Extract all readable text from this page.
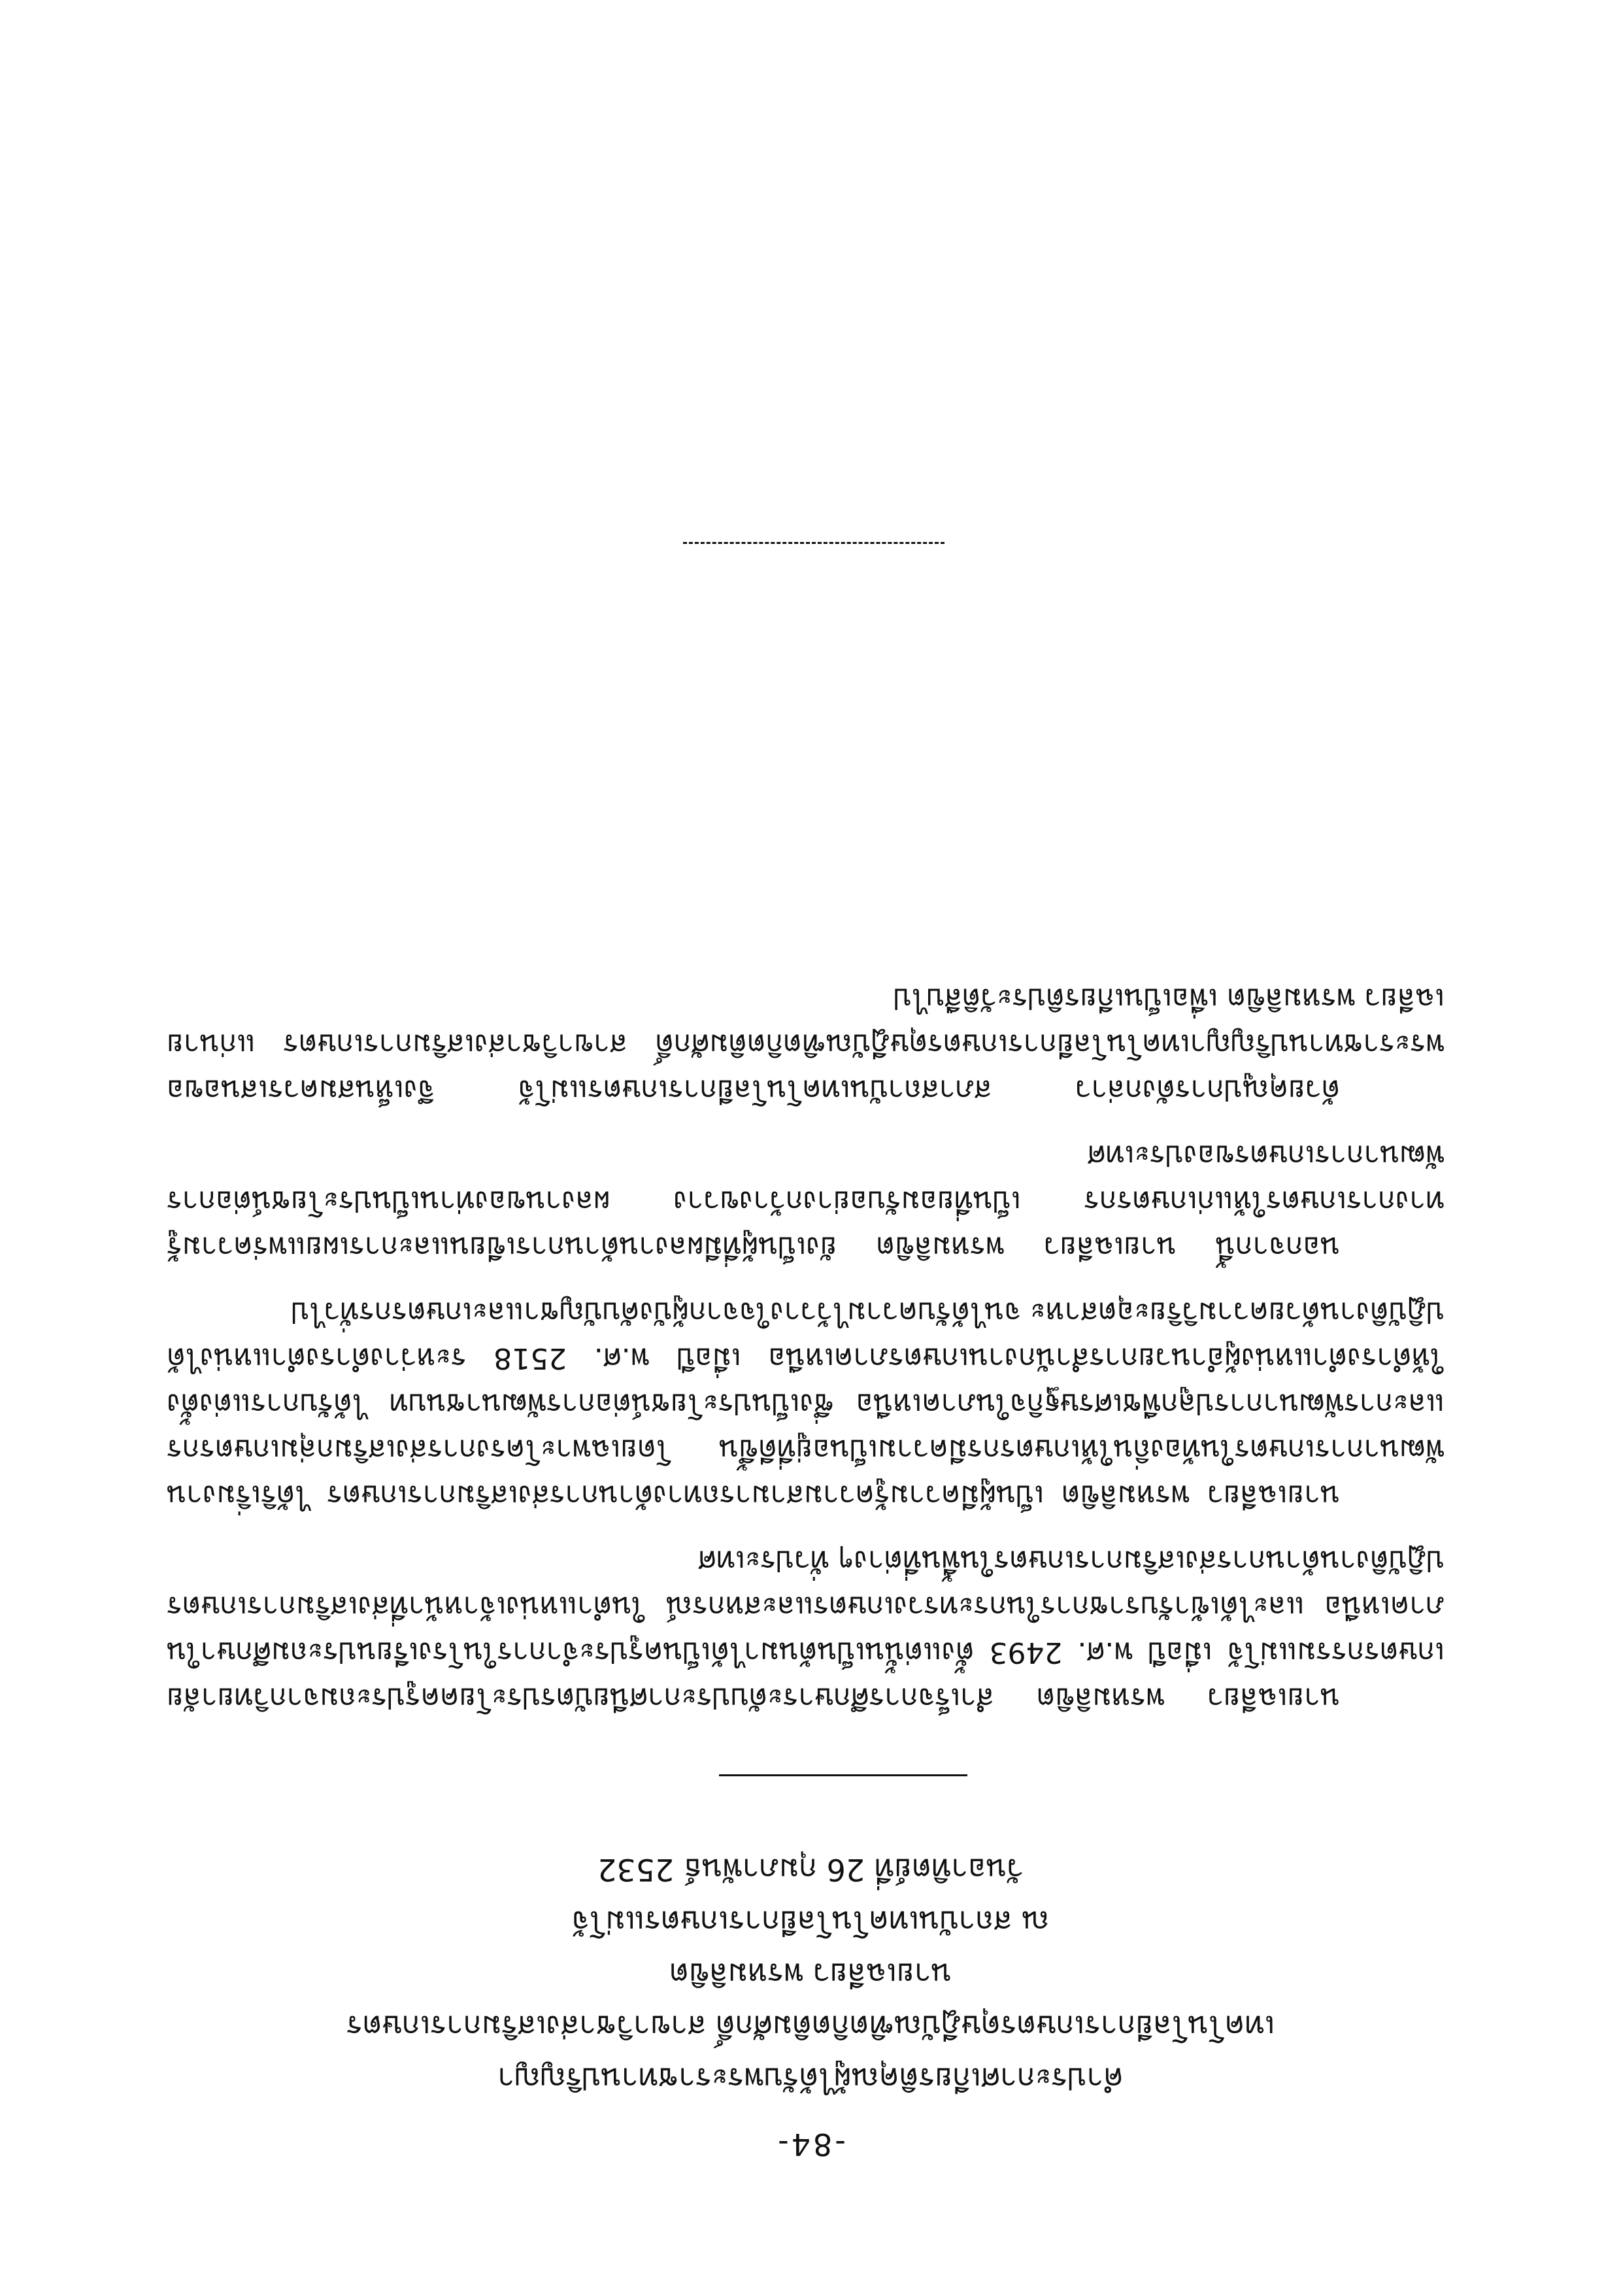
-84-
คำประกาศเกียรติคุณผู้ได้รับพระราชทานปริญญา
เทคโนโลยีการเกษตรดุษฎีบัณฑิตกิตติมศักดิ์ สาขาวิชาส่งเสริมการเกษตร
นายเฉลียว พรหมลิขิต
ณ สถาบันเทคโนโลยีการเกษตรแม่โจ้
วันอาทิตย์ที่ 26 กุมภาพันธ์ 2532

นายเฉลียว พรหมลิขิต สำเร็จการศึกษาระดับประกาศนียบัตรประโยคครูประถมจากวิทยาลัยเกษตรกรรมแม่โจ้ เมื่อปี พ.ศ. 2493 ตั้งแต่นั้นเป็นต้นมาได้เป็นครูประจำการในโรงเรียนประถมศึกษาในภาคเหนือ และได้เข้ารับราชการในกระทรวงเกษตรและสหกรณ์ ในตำแหน่งเจ้าหน้าที่ส่งเสริมการเกษตร ปฏิบัติงานด้านการส่งเสริมการเกษตรในพื้นที่ต่างๆ ทั่วประเทศ

นายเฉลียว พรหมลิขิต เป็นผู้มีความรู้ความสามารถทางด้านการส่งเสริมการเกษตร ได้ริเริ่มงานพัฒนาการเกษตรในท้องถิ่นให้เกษตรกรมีความเป็นอยู่ที่ดีขึ้น โดยเฉพาะโครงการส่งเสริมกลุ่มเกษตรกร และการพัฒนาการปลูกพืชเศรษฐกิจในภาคเหนือ ซึ่งเป็นประโยชน์ต่อการพัฒนาชนบท ได้รับการแต่งตั้งให้ดำรงตำแหน่งผู้อำนวยการสำนักงานเกษตรภาคเหนือ เมื่อปี พ.ศ. 2518 ระหว่างดำรงตำแหน่งได้ปฏิบัติงานด้วยความวิริยะอุตสาหะ จนได้รับความไว้วางใจจากผู้บังคับบัญชาและเกษตรกรทั่วไป

นอกจากนี้ นายเฉลียว พรหมลิขิต ยังเป็นผู้ที่มีผลงานด้านการเขียนและการเผยแพร่ความรู้ทางการเกษตรให้แก่เกษตรกร เป็นที่ยอมรับอย่างกว้างขวาง ผลงานของท่านเป็นประโยชน์ต่อการพัฒนาการเกษตรของประเทศ

ด้วยคุณูปการดังกล่าว สภาสถาบันเทคโนโลยีการเกษตรแม่โจ้ จึงเห็นสมควรเสนอขอพระราชทานปริญญาเทคโนโลยีการเกษตรดุษฎีบัณฑิตกิตติมศักดิ์ สาขาวิชาส่งเสริมการเกษตร แก่นายเฉลียว พรหมลิขิต เพื่อเป็นเกียรติประวัติสืบไป
